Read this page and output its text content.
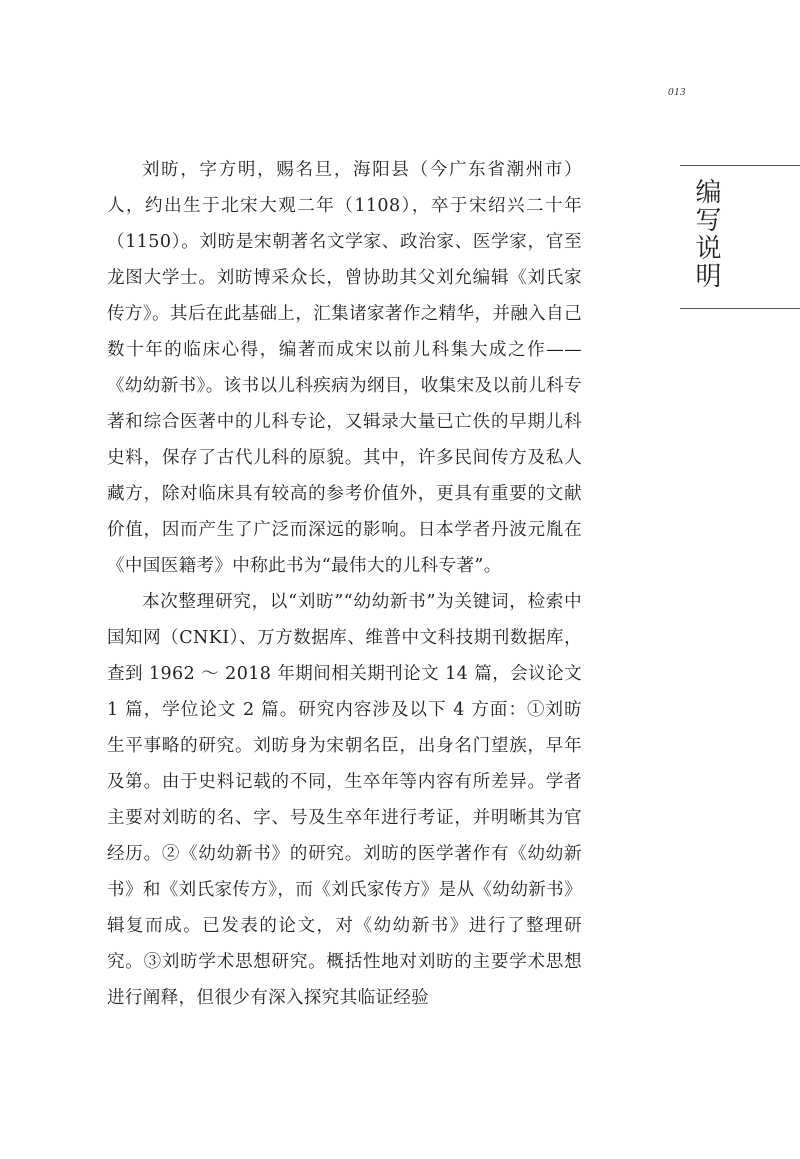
013
编写说明

刘昉，字方明，赐名旦，海阳县（今广东省潮州市）人，约出生于北宋大观二年（1108），卒于宋绍兴二十年（1150）。刘昉是宋朝著名文学家、政治家、医学家，官至龙图大学士。刘昉博采众长，曾协助其父刘允编辑《刘氏家传方》。其后在此基础上，汇集诸家著作之精华，并融入自己数十年的临床心得，编著而成宋以前儿科集大成之作——《幼幼新书》。该书以儿科疾病为纲目，收集宋及以前儿科专著和综合医著中的儿科专论，又辑录大量已亡佚的早期儿科史料，保存了古代儿科的原貌。其中，许多民间传方及私人藏方，除对临床具有较高的参考价值外，更具有重要的文献价值，因而产生了广泛而深远的影响。日本学者丹波元胤在《中国医籍考》中称此书为“最伟大的儿科专著”。

本次整理研究，以“刘昉”“幼幼新书”为关键词，检索中国知网（CNKI）、万方数据库、维普中文科技期刊数据库，查到 1962 ～ 2018 年期间相关期刊论文 14 篇，会议论文 1 篇，学位论文 2 篇。研究内容涉及以下 4 方面：①刘昉生平事略的研究。刘昉身为宋朝名臣，出身名门望族，早年及第。由于史料记载的不同，生卒年等内容有所差异。学者主要对刘昉的名、字、号及生卒年进行考证，并明晰其为官经历。②《幼幼新书》的研究。刘昉的医学著作有《幼幼新书》和《刘氏家传方》，而《刘氏家传方》是从《幼幼新书》辑复而成。已发表的论文，对《幼幼新书》进行了整理研究。③刘昉学术思想研究。概括性地对刘昉的主要学术思想进行阐释，但很少有深入探究其临证经验
